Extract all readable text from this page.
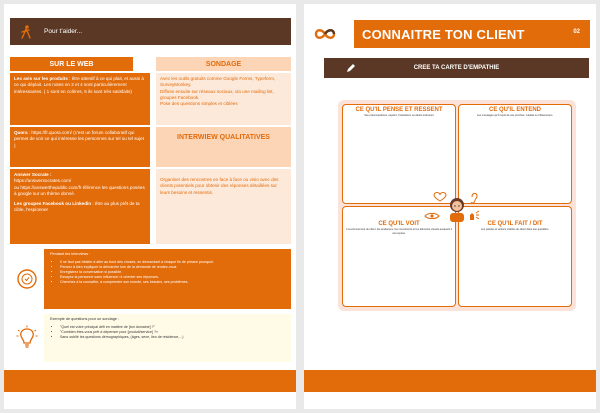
Pour t'aider...
SUR LE WEB	SONDAGE
Les avis sur les produits : être attentif à ce qui plait, et aussi à ce qui déplait. Les notes en 2 et 4 sont particulièrement intéressantes. ( 1 sont en colères, 5 ils sont très satisfaits)
Quora : https://fr.quora.com/ (c'est un forum collaboratif qui permet de voir ce qui intéresse les personnes sur tel ou tel sujet )
Answer Socrate :
https://answersocrates.com/
ou https://answerthepublic.com/fr éférence les questions posées à google sur un thème donné.
Les groupes Facebook ou Linkedin : être au plus prêt de ta cible, l'espionner
Avec les outils gratuits comme Google Forms, Typeform, SurveyMonkey.
Diffuse ensuite sur réseaux sociaux, via une mailing list, groupes Facebook.
Pose des questions simples et ciblées
INTERWIEW QUALITATIVES
Organiser des rencontres en face à face ou visio avec des clients potentiels pour obtenir des réponses détaillées sur leurs besoins et ressentis.
Pendant tes interviews :
• Il ne faut pas hésiter à aller au bout des choses, en demandant à chaque fin de phrase pourquoi.
• Pensez à bien expliquer la démarche lors de la demande de rendez-vous
• Enregistrez la conversation si possible.
• Essayez la personne sans influencer ni orienter ses réponses.
• Cherchez à la connaître, à comprendre son monde, ses besoins, ses problèmes.
Exemple de questions pour un sondage :
• "Quel est votre principal défi en matière de [ton domaine] ?"
• "Combien êtes-vous prêt à dépenser pour [produit/service] ?»
• Sans oublié les questions démographiques, (âges, sexe, lieu de résidence,...)
CONNAITRE TON CLIENT	02
CREE TA CARTE D'EMPATHIE
CE QU'IL PENSE ET RESSENT
Ses préoccupations, espoirs, frustrations ou désirs intérieurs
CE QU'IL ENTEND
Les messages qu'il reçoit de ses proches, médias ou influenceurs.
CE QU'IL VOIT
L'environnement du client, les tendances, les concurrents et les éléments visuels auxquels il est exposé.
CE QU'IL FAIT / DIT
Les paroles et actions visibles du client dans son quotidien.
